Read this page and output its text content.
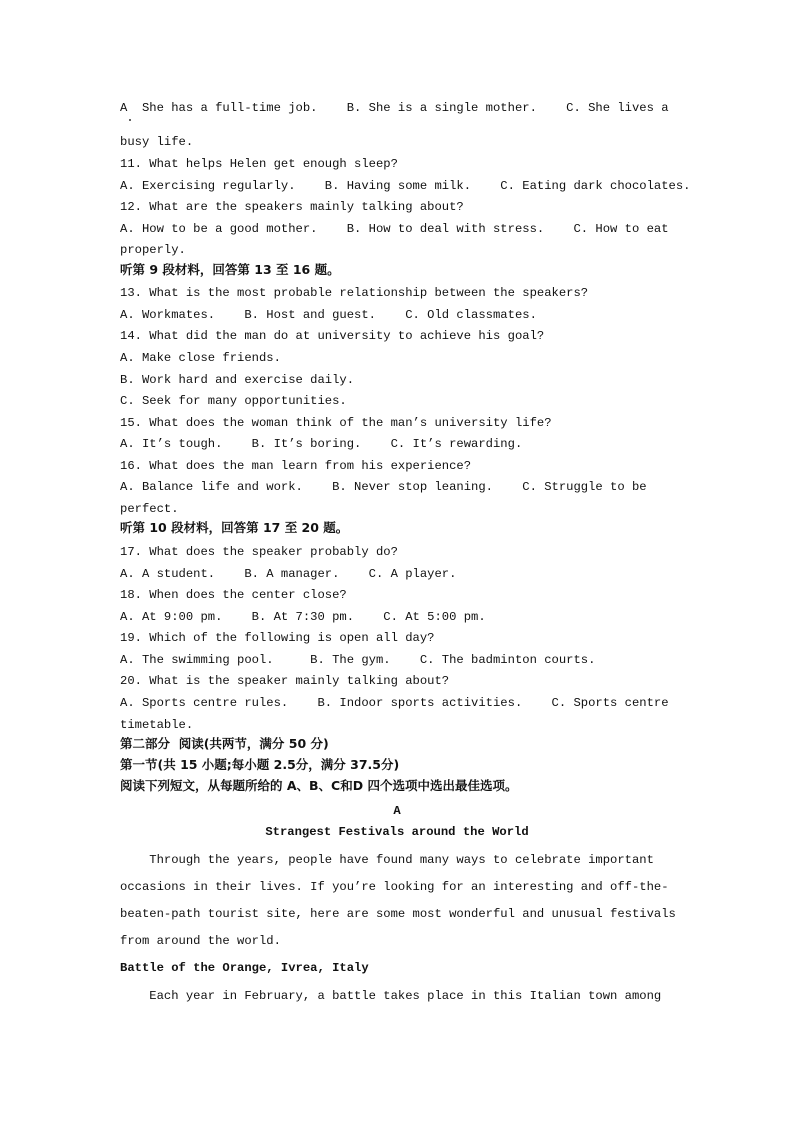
A  She has a full-time job.    B. She is a single mother.    C. She lives a
busy life.
11. What helps Helen get enough sleep?
A. Exercising regularly.    B. Having some milk.    C. Eating dark chocolates.
12. What are the speakers mainly talking about?
A. How to be a good mother.    B. How to deal with stress.    C. How to eat
properly.
听第 9 段材料，回答第 13 至 16 题。
13. What is the most probable relationship between the speakers?
A. Workmates.    B. Host and guest.    C. Old classmates.
14. What did the man do at university to achieve his goal?
A. Make close friends.
B. Work hard and exercise daily.
C. Seek for many opportunities.
15. What does the woman think of the man’s university life?
A. It’s tough.    B. It’s boring.    C. It’s rewarding.
16. What does the man learn from his experience?
A. Balance life and work.    B. Never stop leaning.    C. Struggle to be
perfect.
听第 10 段材料，回答第 17 至 20 题。
17. What does the speaker probably do?
A. A student.    B. A manager.    C. A player.
18. When does the center close?
A. At 9:00 pm.    B. At 7:30 pm.    C. At 5:00 pm.
19. Which of the following is open all day?
A. The swimming pool.     B. The gym.    C. The badminton courts.
20. What is the speaker mainly talking about?
A. Sports centre rules.    B. Indoor sports activities.    C. Sports centre
timetable.
第二部分  阅读(共两节，满分 50 分)
第一节(共 15 小题;每小题 2.5分，满分 37.5分)
阅读下列短文，从每题所给的 A、B、C和D 四个选项中选出最佳选项。
A
Strangest Festivals around the World
Through the years, people have found many ways to celebrate important
occasions in their lives. If you’re looking for an interesting and off-the-
beaten-path tourist site, here are some most wonderful and unusual festivals
from around the world.
Battle of the Orange, Ivrea, Italy
Each year in February, a battle takes place in this Italian town among
